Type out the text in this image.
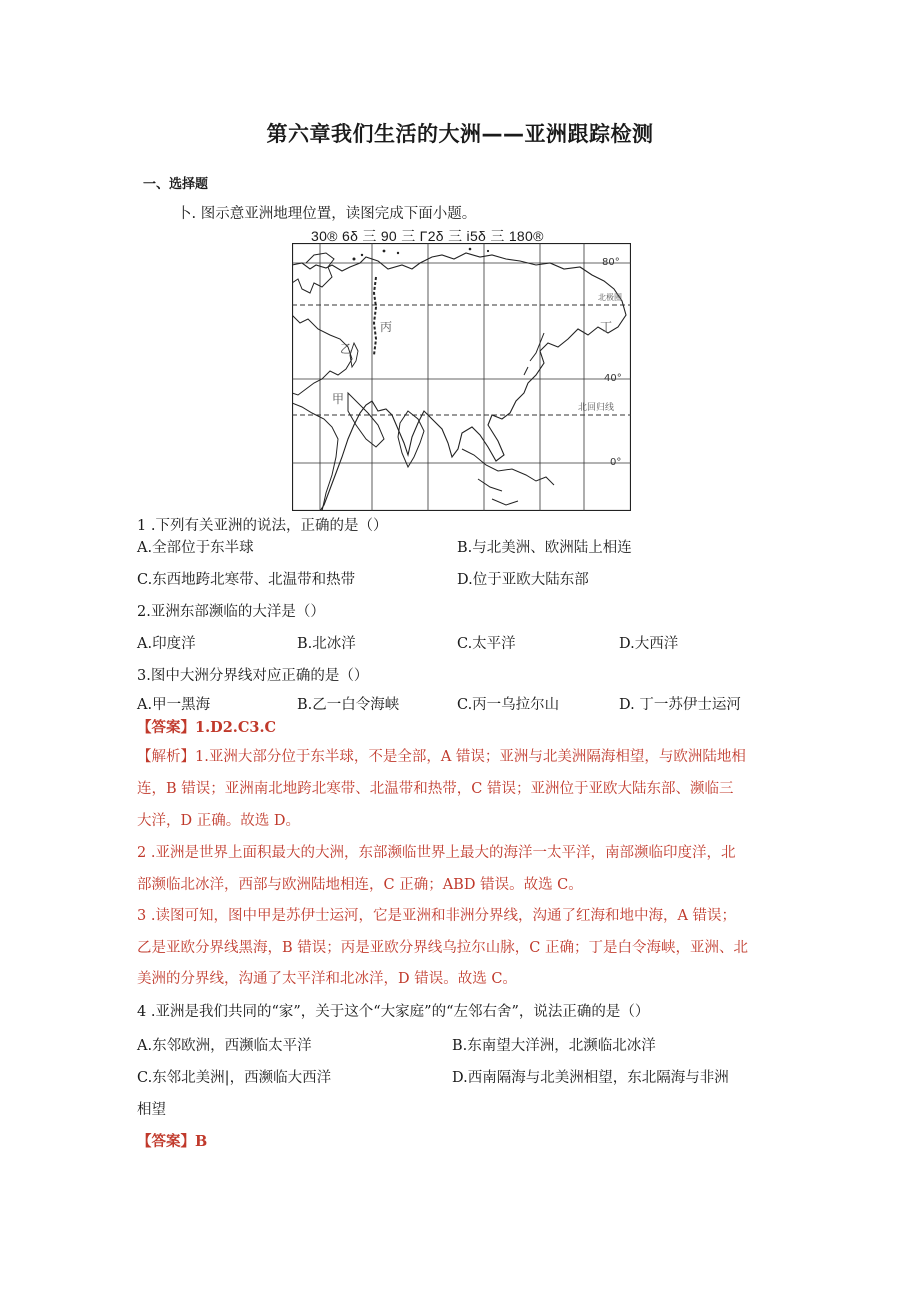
第六章我们生活的大洲——亚洲跟踪检测
一、选择题
卜. 图示意亚洲地理位置，读图完成下面小题。
30® 6δ 三 90 三 Γ2δ 三 i5δ 三 180®
80°
40°
0°
北极圈
北回归线
甲
乙
丙	丁
1 .下列有关亚洲的说法，正确的是（）
A.全部位于东半球	B.与北美洲、欧洲陆上相连
C.东西地跨北寒带、北温带和热带	D.位于亚欧大陆东部
2.亚洲东部濒临的大洋是（）
A.印度洋	B.北冰洋	C.太平洋	D.大西洋
3.图中大洲分界线对应正确的是（）
A.甲一黑海	B.乙一白令海峡	C.丙一乌拉尔山	D. 丁一苏伊士运河
【答案】1.D2.C3.C
【解析】1.亚洲大部分位于东半球，不是全部，A 错误；亚洲与北美洲隔海相望，与欧洲陆地相
连，B 错误；亚洲南北地跨北寒带、北温带和热带，C 错误；亚洲位于亚欧大陆东部、濒临三
大洋，D 正确。故选 D。
2 .亚洲是世界上面积最大的大洲，东部濒临世界上最大的海洋一太平洋，南部濒临印度洋，北
部濒临北冰洋，西部与欧洲陆地相连，C 正确；ABD 错误。故选 C。
3 .读图可知，图中甲是苏伊士运河，它是亚洲和非洲分界线，沟通了红海和地中海，A 错误；
乙是亚欧分界线黑海，B 错误；丙是亚欧分界线乌拉尔山脉，C 正确；丁是白令海峡，亚洲、北
美洲的分界线，沟通了太平洋和北冰洋，D 错误。故选 C。
4 .亚洲是我们共同的“家”，关于这个“大家庭”的“左邻右舍”，说法正确的是（）
A.东邻欧洲，西濒临太平洋	B.东南望大洋洲，北濒临北冰洋
C.东邻北美洲|，西濒临大西洋	D.西南隔海与北美洲相望，东北隔海与非洲
相望
【答案】B
